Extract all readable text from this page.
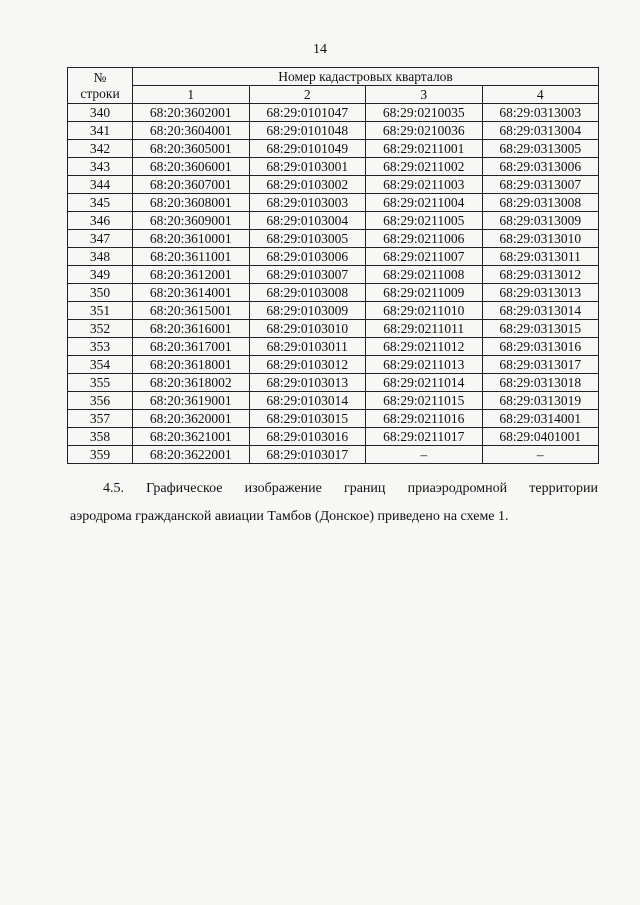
14
№
строки	Номер кадастровых кварталов			
	1	2	3	4
340	68:20:3602001	68:29:0101047	68:29:0210035	68:29:0313003
341	68:20:3604001	68:29:0101048	68:29:0210036	68:29:0313004
342	68:20:3605001	68:29:0101049	68:29:0211001	68:29:0313005
343	68:20:3606001	68:29:0103001	68:29:0211002	68:29:0313006
344	68:20:3607001	68:29:0103002	68:29:0211003	68:29:0313007
345	68:20:3608001	68:29:0103003	68:29:0211004	68:29:0313008
346	68:20:3609001	68:29:0103004	68:29:0211005	68:29:0313009
347	68:20:3610001	68:29:0103005	68:29:0211006	68:29:0313010
348	68:20:3611001	68:29:0103006	68:29:0211007	68:29:0313011
349	68:20:3612001	68:29:0103007	68:29:0211008	68:29:0313012
350	68:20:3614001	68:29:0103008	68:29:0211009	68:29:0313013
351	68:20:3615001	68:29:0103009	68:29:0211010	68:29:0313014
352	68:20:3616001	68:29:0103010	68:29:0211011	68:29:0313015
353	68:20:3617001	68:29:0103011	68:29:0211012	68:29:0313016
354	68:20:3618001	68:29:0103012	68:29:0211013	68:29:0313017
355	68:20:3618002	68:29:0103013	68:29:0211014	68:29:0313018
356	68:20:3619001	68:29:0103014	68:29:0211015	68:29:0313019
357	68:20:3620001	68:29:0103015	68:29:0211016	68:29:0314001
358	68:20:3621001	68:29:0103016	68:29:0211017	68:29:0401001
359	68:20:3622001	68:29:0103017	–	–
4.5. Графическое изображение границ приаэродромной территории
аэродрома гражданской авиации Тамбов (Донское) приведено на схеме 1.
